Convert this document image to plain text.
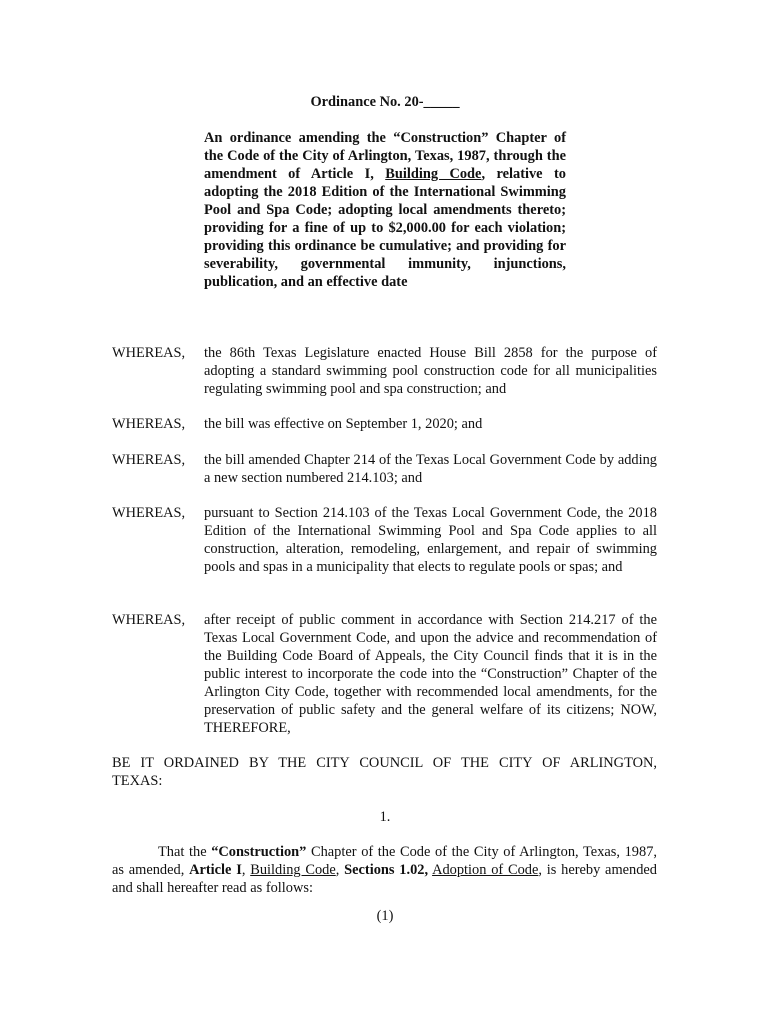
Ordinance No. 20-_____
An ordinance amending the “Construction” Chapter of the Code of the City of Arlington, Texas, 1987, through the amendment of Article I, Building Code, relative to adopting the 2018 Edition of the International Swimming Pool and Spa Code; adopting local amendments thereto; providing for a fine of up to $2,000.00 for each violation; providing this ordinance be cumulative; and providing for severability, governmental immunity, injunctions, publication, and an effective date
WHEREAS,	the 86th Texas Legislature enacted House Bill 2858 for the purpose of adopting a standard swimming pool construction code for all municipalities regulating swimming pool and spa construction; and
WHEREAS,	the bill was effective on September 1, 2020; and
WHEREAS,	the bill amended Chapter 214 of the Texas Local Government Code by adding a new section numbered 214.103; and
WHEREAS,	pursuant to Section 214.103 of the Texas Local Government Code, the 2018 Edition of the International Swimming Pool and Spa Code applies to all construction, alteration, remodeling, enlargement, and repair of swimming pools and spas in a municipality that elects to regulate pools or spas; and
WHEREAS,	after receipt of public comment in accordance with Section 214.217 of the Texas Local Government Code, and upon the advice and recommendation of the Building Code Board of Appeals, the City Council finds that it is in the public interest to incorporate the code into the “Construction” Chapter of the Arlington City Code, together with recommended local amendments, for the preservation of public safety and the general welfare of its citizens; NOW, THEREFORE,
BE IT ORDAINED BY THE CITY COUNCIL OF THE CITY OF ARLINGTON,
TEXAS:
1.
That the “Construction” Chapter of the Code of the City of Arlington, Texas, 1987, as amended, Article I, Building Code, Sections 1.02, Adoption of Code, is hereby amended and shall hereafter read as follows:
(1)
